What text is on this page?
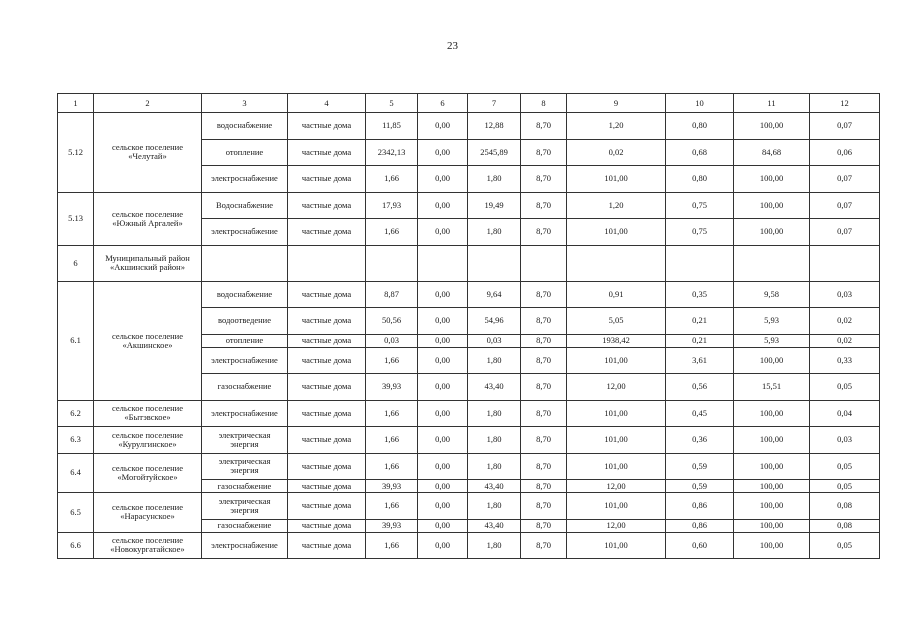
23
1	2	3	4	5	6	7	8	9	10	11	12
5.12	сельское поселение «Челутай»	водоснабжение	частные дома	11,85	0,00	12,88	8,70	1,20	0,80	100,00	0,07
		отопление	частные дома	2342,13	0,00	2545,89	8,70	0,02	0,68	84,68	0,06
		электроснабжение	частные дома	1,66	0,00	1,80	8,70	101,00	0,80	100,00	0,07
5.13	сельское поселение «Южный Аргалей»	Водоснабжение	частные дома	17,93	0,00	19,49	8,70	1,20	0,75	100,00	0,07
		электроснабжение	частные дома	1,66	0,00	1,80	8,70	101,00	0,75	100,00	0,07
6	Муниципальный район «Акшинский район»										
6.1	сельское поселение «Акшинское»	водоснабжение	частные дома	8,87	0,00	9,64	8,70	0,91	0,35	9,58	0,03
		водоотведение	частные дома	50,56	0,00	54,96	8,70	5,05	0,21	5,93	0,02
		отопление	частные дома	0,03	0,00	0,03	8,70	1938,42	0,21	5,93	0,02
		электроснабжение	частные дома	1,66	0,00	1,80	8,70	101,00	3,61	100,00	0,33
		газоснабжение	частные дома	39,93	0,00	43,40	8,70	12,00	0,56	15,51	0,05
6.2	сельское поселение «Бытэвское»	электроснабжение	частные дома	1,66	0,00	1,80	8,70	101,00	0,45	100,00	0,04
6.3	сельское поселение «Курулгинское»	электрическая энергия	частные дома	1,66	0,00	1,80	8,70	101,00	0,36	100,00	0,03
6.4	сельское поселение «Могойтуйское»	электрическая энергия	частные дома	1,66	0,00	1,80	8,70	101,00	0,59	100,00	0,05
		газоснабжение	частные дома	39,93	0,00	43,40	8,70	12,00	0,59	100,00	0,05
6.5	сельское поселение «Нарасунское»	электрическая энергия	частные дома	1,66	0,00	1,80	8,70	101,00	0,86	100,00	0,08
		газоснабжение	частные дома	39,93	0,00	43,40	8,70	12,00	0,86	100,00	0,08
6.6	сельское поселение «Новокургатайское»	электроснабжение	частные дома	1,66	0,00	1,80	8,70	101,00	0,60	100,00	0,05
